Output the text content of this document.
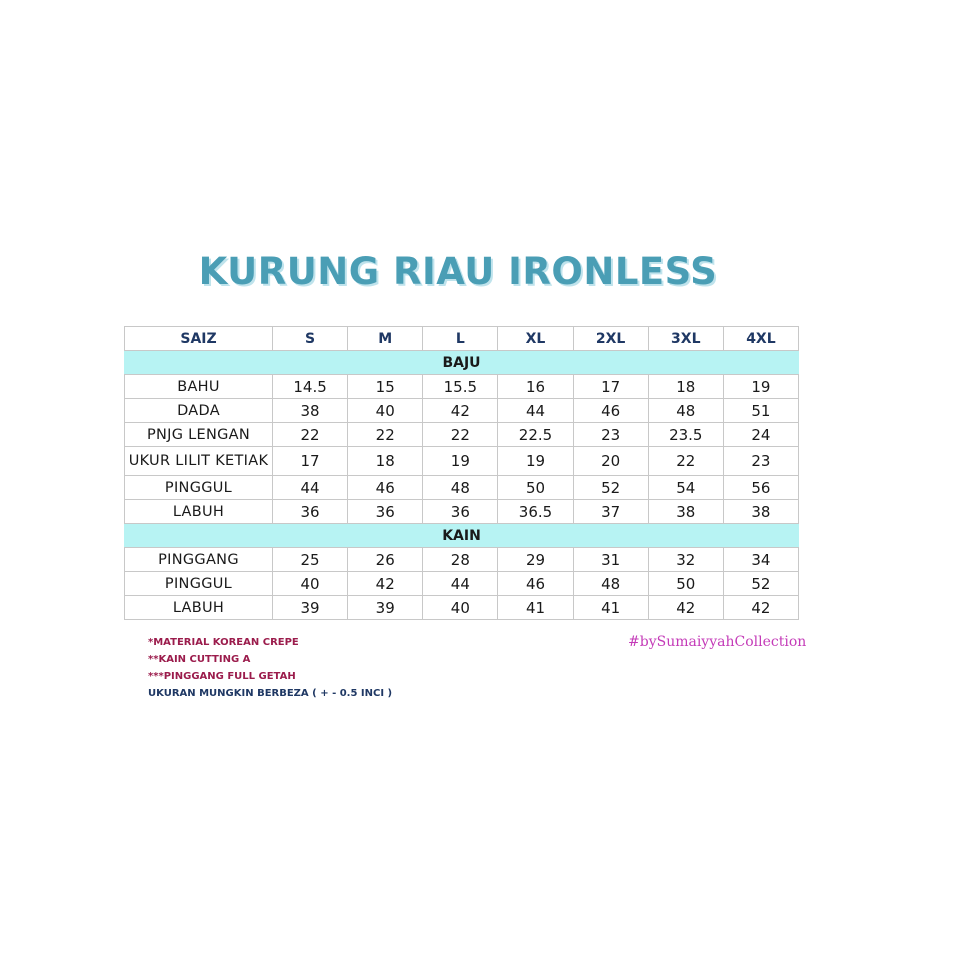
KURUNG RIAU IRONLESS
SAIZ	S	M	L	XL	2XL	3XL	4XL
BAJU							
BAHU	14.5	15	15.5	16	17	18	19
DADA	38	40	42	44	46	48	51
PNJG LENGAN	22	22	22	22.5	23	23.5	24
UKUR LILIT KETIAK	17	18	19	19	20	22	23
PINGGUL	44	46	48	50	52	54	56
LABUH	36	36	36	36.5	37	38	38
KAIN							
PINGGANG	25	26	28	29	31	32	34
PINGGUL	40	42	44	46	48	50	52
LABUH	39	39	40	41	41	42	42
*MATERIAL KOREAN CREPE
**KAIN CUTTING A
***PINGGANG FULL GETAH
UKURAN MUNGKIN BERBEZA ( + - 0.5 INCI )
#bySumaiyyahCollection
